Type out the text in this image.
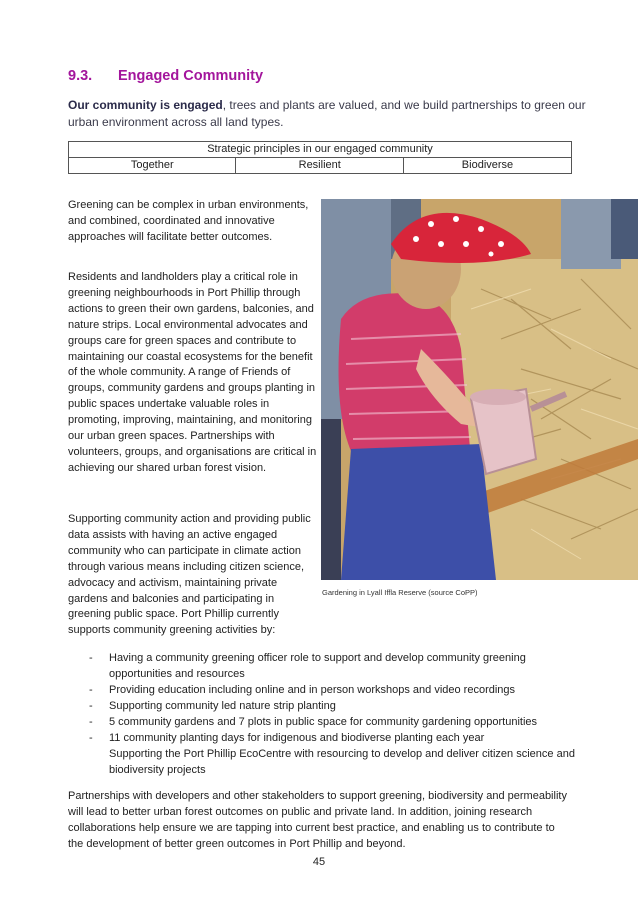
9.3. Engaged Community
Our community is engaged, trees and plants are valued, and we build partnerships to green our urban environment across all land types.
Strategic principles in our engaged community
Together	Resilient	Biodiverse

Greening can be complex in urban environments, and combined, coordinated and innovative approaches will facilitate better outcomes.

Residents and landholders play a critical role in greening neighbourhoods in Port Phillip through actions to green their own gardens, balconies, and nature strips. Local environmental advocates and groups care for green spaces and contribute to maintaining our coastal ecosystems for the benefit of the whole community. A range of Friends of groups, community gardens and groups planting in public spaces undertake valuable roles in promoting, improving, maintaining, and monitoring our urban green spaces. Partnerships with volunteers, groups, and organisations are critical in achieving our shared urban forest vision.

Supporting community action and providing public data assists with having an active engaged community who can participate in climate action through various means including citizen science, advocacy and activism, maintaining private gardens and balconies and participating in greening public space. Port Phillip currently supports community greening activities by:

Gardening in Lyall Iffla Reserve (source CoPP)
- Having a community greening officer role to support and develop community greening opportunities and resources
- Providing education including online and in person workshops and video recordings
- Supporting community led nature strip planting
- 5 community gardens and 7 plots in public space for community gardening opportunities
- 11 community planting days for indigenous and biodiverse planting each year
Supporting the Port Phillip EcoCentre with resourcing to develop and deliver citizen science and biodiversity projects
Partnerships with developers and other stakeholders to support greening, biodiversity and permeability will lead to better urban forest outcomes on public and private land. In addition, joining research collaborations help ensure we are tapping into current best practice, and enabling us to contribute to the development of better green outcomes in Port Phillip and beyond.
45
